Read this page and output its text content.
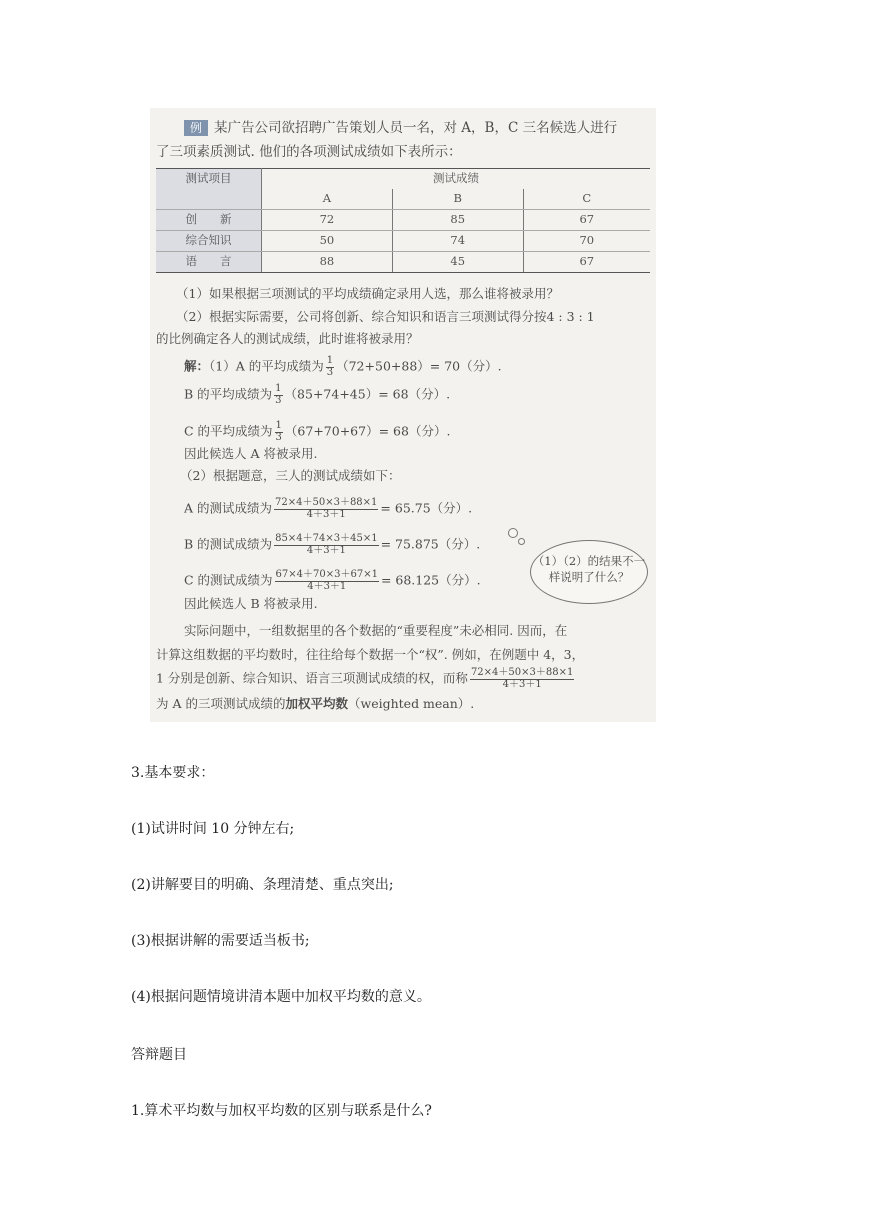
例 某广告公司欲招聘广告策划人员一名，对 A，B，C 三名候选人进行
了三项素质测试. 他们的各项测试成绩如下表所示：
测试项目	测试成绩		
	A	B	C
创　　新	72	85	67
综合知识	50	74	70
语　　言	88	45	67
（1）如果根据三项测试的平均成绩确定录用人选，那么谁将被录用？
（2）根据实际需要，公司将创新、综合知识和语言三项测试得分按4 : 3 : 1
的比例确定各人的测试成绩，此时谁将被录用？
解：（1）A 的平均成绩为 $\frac{1}{3} (72+50+88)= 70$（分）.
B 的平均成绩为 $\frac{1}{3} (85+74+45)= 68$（分）.
C 的平均成绩为 $\frac{1}{3} (67+70+67)= 68$（分）.
因此候选人 A 将被录用.
（2）根据题意，三人的测试成绩如下：
A 的测试成绩为 $\frac{72\times 4+50\times 3+88\times 1}{4+3+1} = 65.75$（分）.
B 的测试成绩为 $\frac{85\times 4+74\times 3+45\times 1}{4+3+1} = 75.875$（分）.
C 的测试成绩为 $\frac{67\times 4+70\times 3+67\times 1}{4+3+1} = 68.125$（分）.
因此候选人 B 将被录用.
（1）（2）的结果不一样说明了什么？
实际问题中，一组数据里的各个数据的“重要程度”未必相同. 因而，在
计算这组数据的平均数时，往往给每个数据一个“权”. 例如，在例题中 4，3，
1 分别是创新、综合知识、语言三项测试成绩的权，而称 $\frac{72\times 4+50\times 3+88\times 1}{4+3+1}$
为 A 的三项测试成绩的加权平均数（weighted mean）.
3.基本要求：
(1)试讲时间 10 分钟左右;
(2)讲解要目的明确、条理清楚、重点突出;
(3)根据讲解的需要适当板书;
(4)根据问题情境讲清本题中加权平均数的意义。
答辩题目
1.算术平均数与加权平均数的区别与联系是什么?
